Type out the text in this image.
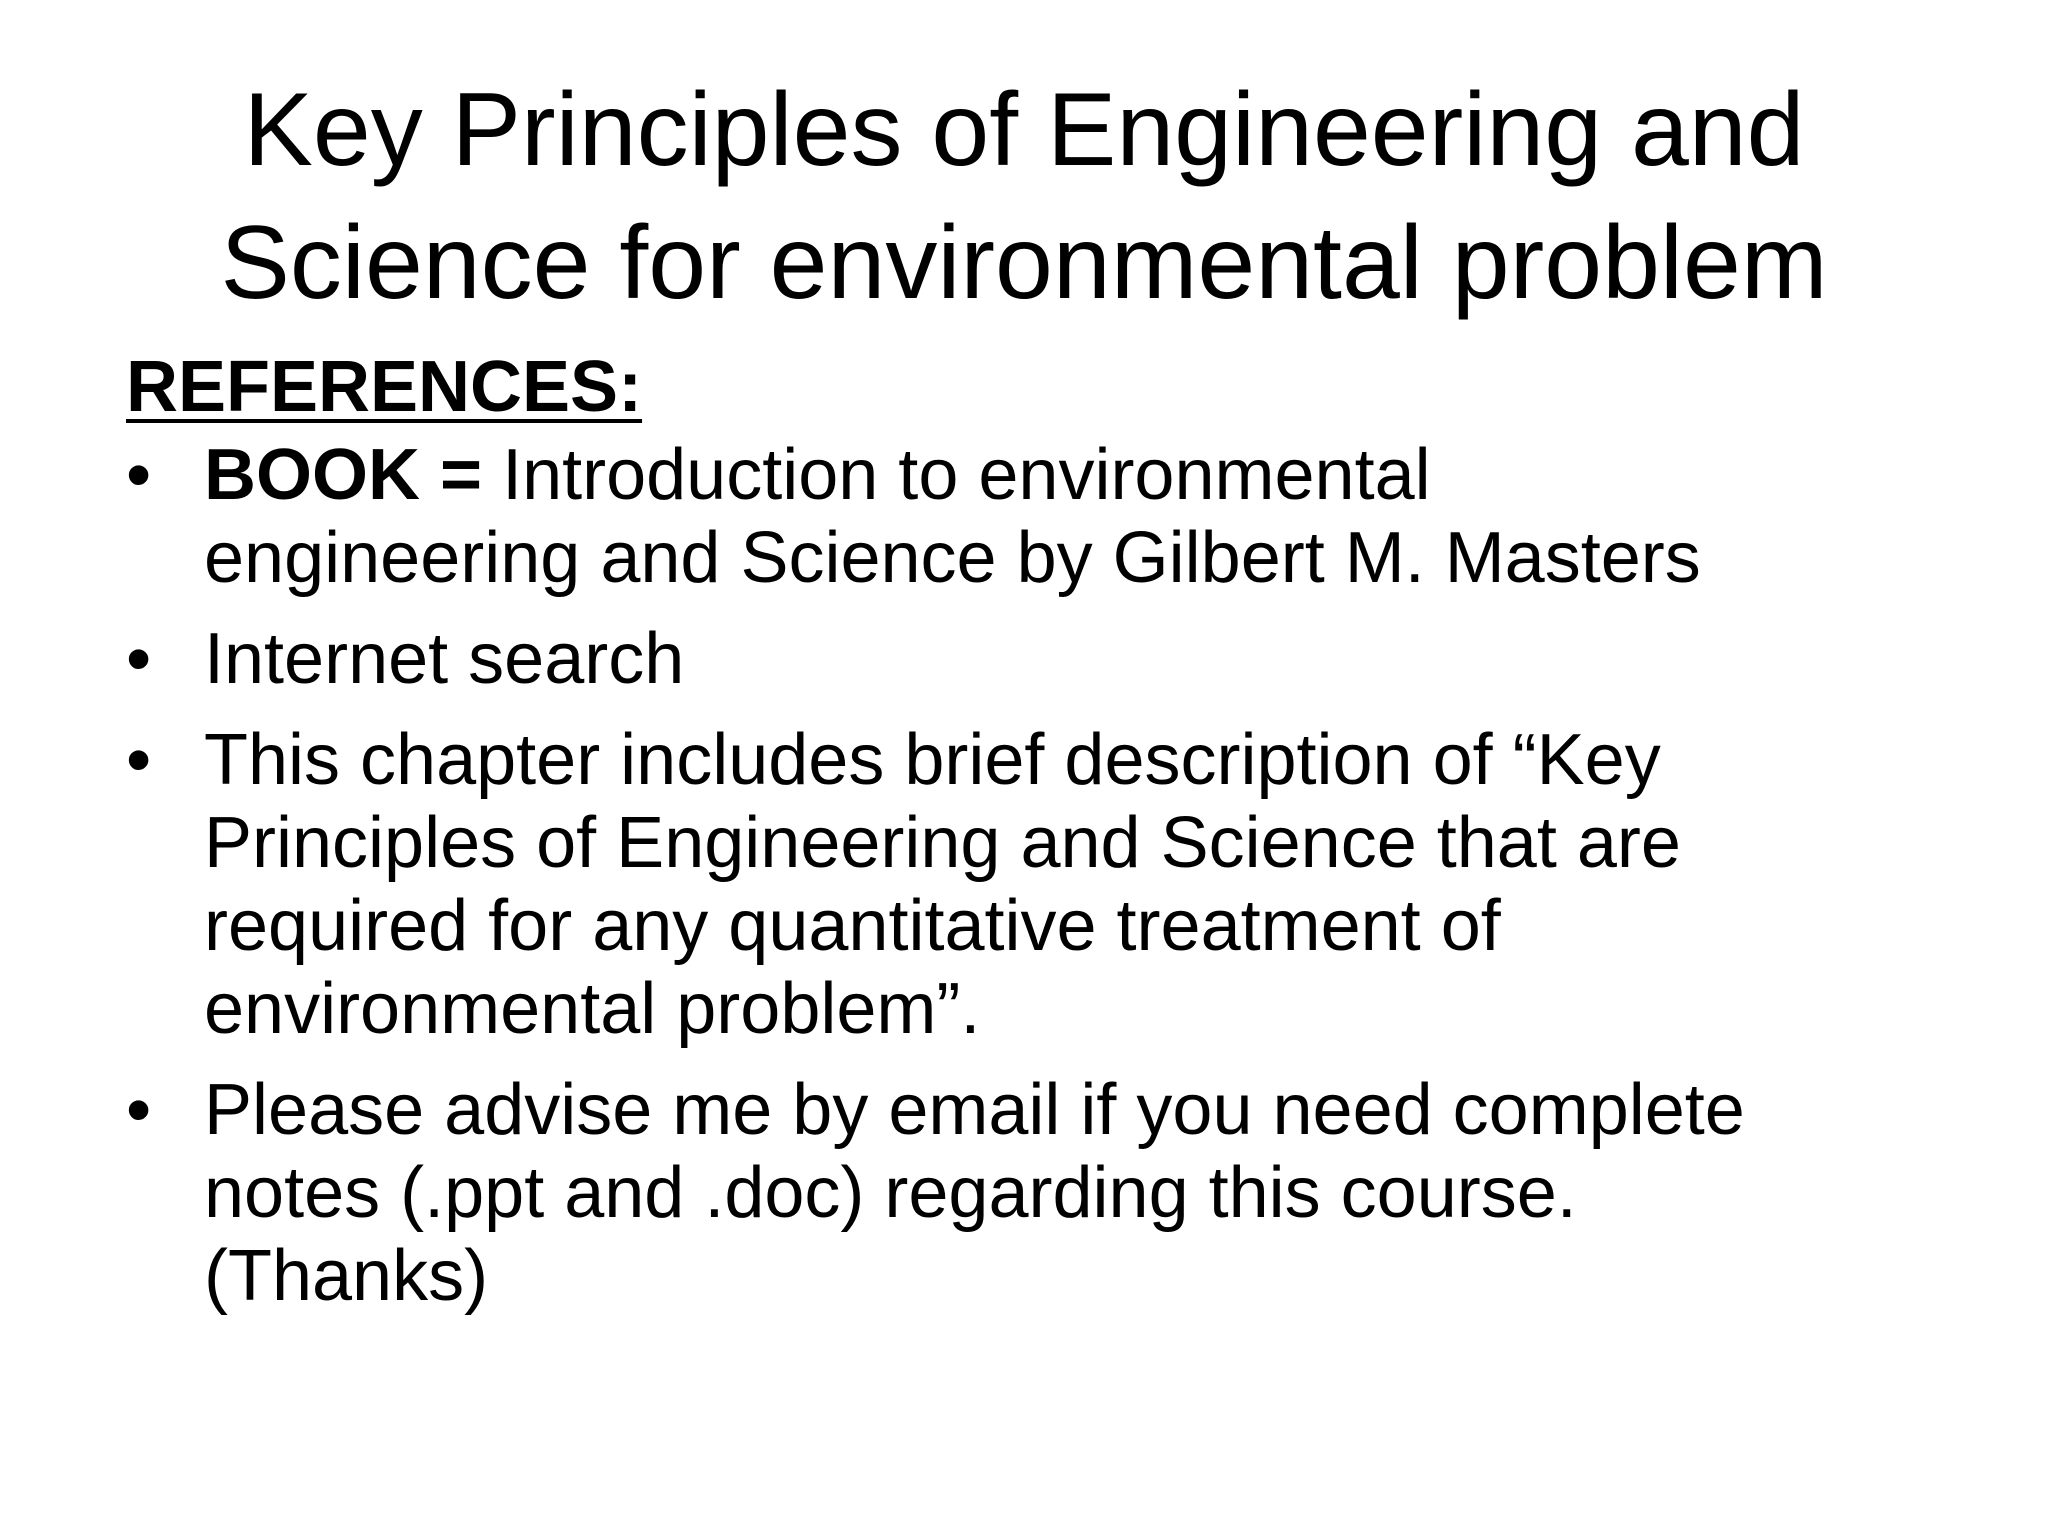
Key Principles of Engineering and
Science for environmental problem
REFERENCES:
• BOOK = Introduction to environmental
engineering and Science by Gilbert M. Masters
• Internet search
• This chapter includes brief description of “Key
Principles of Engineering and Science that are
required for any quantitative treatment of
environmental problem”.
• Please advise me by email if you need complete
notes (.ppt and .doc) regarding this course.
(Thanks)
